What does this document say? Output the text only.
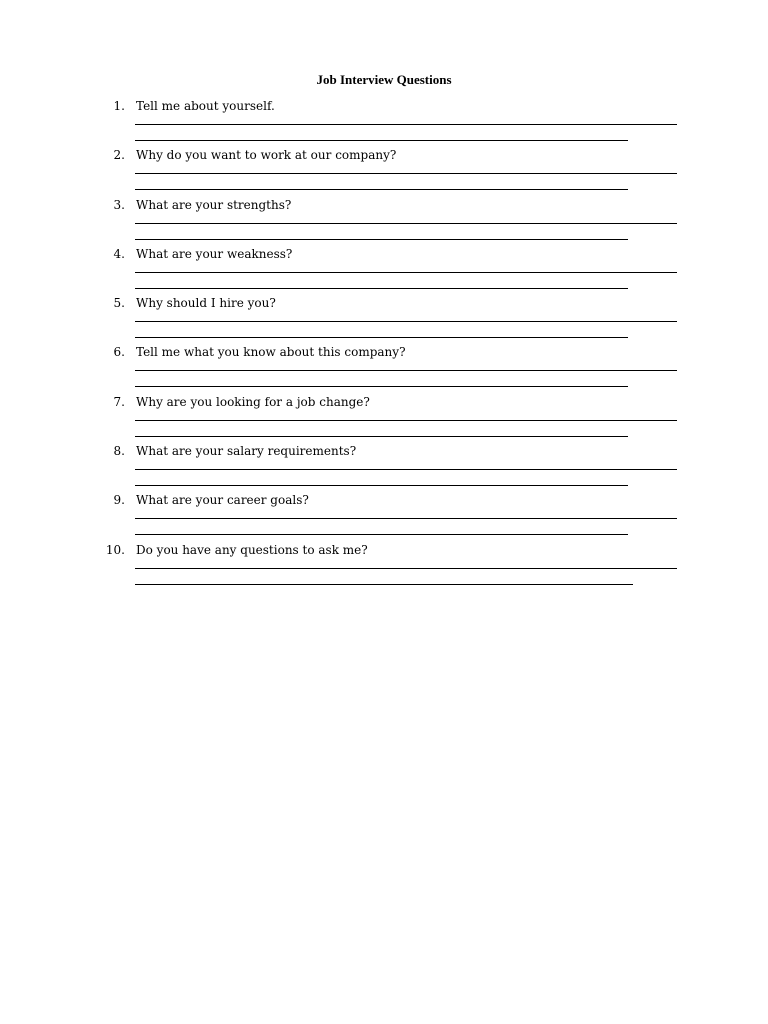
Job Interview Questions
1. Tell me about yourself.
2. Why do you want to work at our company?
3. What are your strengths?
4. What are your weakness?
5. Why should I hire you?
6. Tell me what you know about this company?
7. Why are you looking for a job change?
8. What are your salary requirements?
9. What are your career goals?
10. Do you have any questions to ask me?
